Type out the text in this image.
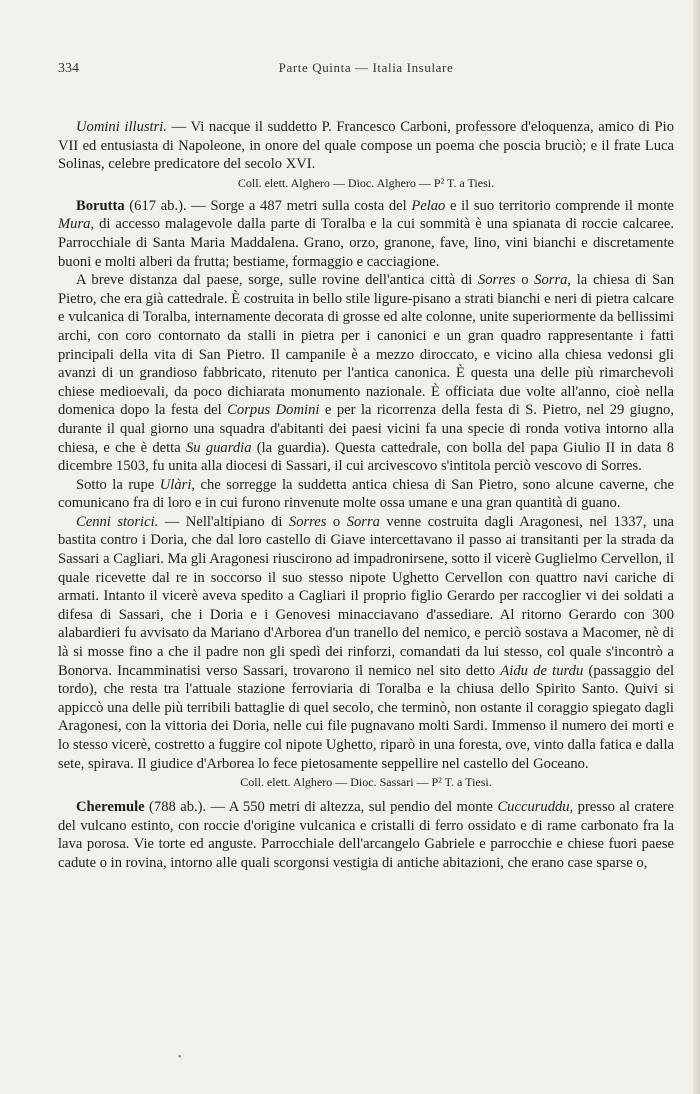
334	Parte Quinta — Italia Insulare

Uomini illustri. — Vi nacque il suddetto P. Francesco Carboni, professore d'eloquenza, amico di Pio VII ed entusiasta di Napoleone, in onore del quale compose un poema che poscia bruciò; e il frate Luca Solinas, celebre predicatore del secolo XVI.

Coll. elett. Alghero — Dioc. Alghero — P² T. a Tiesi.

Borutta (617 ab.). — Sorge a 487 metri sulla costa del Pelao e il suo territorio comprende il monte Mura, di accesso malagevole dalla parte di Toralba e la cui sommità è una spianata di roccie calcaree. Parrocchiale di Santa Maria Maddalena. Grano, orzo, granone, fave, lino, vini bianchi e discretamente buoni e molti alberi da frutta; bestiame, formaggio e cacciagione.

A breve distanza dal paese, sorge, sulle rovine dell'antica città di Sorres o Sorra, la chiesa di San Pietro, che era già cattedrale. È costruita in bello stile ligure-pisano a strati bianchi e neri di pietra calcare e vulcanica di Toralba, internamente decorata di grosse ed alte colonne, unite superiormente da bellissimi archi, con coro contornato da stalli in pietra per i canonici e un gran quadro rappresentante i fatti principali della vita di San Pietro. Il campanile è a mezzo diroccato, e vicino alla chiesa vedonsi gli avanzi di un grandioso fabbricato, ritenuto per l'antica canonica. È questa una delle più rimarchevoli chiese medioevali, da poco dichiarata monumento nazionale. È officiata due volte all'anno, cioè nella domenica dopo la festa del Corpus Domini e per la ricorrenza della festa di S. Pietro, nel 29 giugno, durante il qual giorno una squadra d'abitanti dei paesi vicini fa una specie di ronda votiva intorno alla chiesa, e che è detta Su guardia (la guardia). Questa cattedrale, con bolla del papa Giulio II in data 8 dicembre 1503, fu unita alla diocesi di Sassari, il cui arcivescovo s'intitola perciò vescovo di Sorres.

Sotto la rupe Ulàri, che sorregge la suddetta antica chiesa di San Pietro, sono alcune caverne, che comunicano fra di loro e in cui furono rinvenute molte ossa umane e una gran quantità di guano.

Cenni storici. — Nell'altipiano di Sorres o Sorra venne costruita dagli Aragonesi, nel 1337, una bastita contro i Doria, che dal loro castello di Giave intercettavano il passo ai transitanti per la strada da Sassari a Cagliari. Ma gli Aragonesi riuscirono ad impadronirsene, sotto il vicerè Guglielmo Cervellon, il quale ricevette dal re in soccorso il suo stesso nipote Ughetto Cervellon con quattro navi cariche di armati. Intanto il vicerè aveva spedito a Cagliari il proprio figlio Gerardo per raccoglier vi dei soldati a difesa di Sassari, che i Doria e i Genovesi minacciavano d'assediare. Al ritorno Gerardo con 300 alabardieri fu avvisato da Mariano d'Arborea d'un tranello del nemico, e perciò sostava a Macomer, nè di là si mosse fino a che il padre non gli spedì dei rinforzi, comandati da lui stesso, col quale s'incontrò a Bonorva. Incamminatisi verso Sassari, trovarono il nemico nel sito detto Aidu de turdu (passaggio del tordo), che resta tra l'attuale stazione ferroviaria di Toralba e la chiusa dello Spirito Santo. Quivi si appiccò una delle più terribili battaglie di quel secolo, che terminò, non ostante il coraggio spiegato dagli Aragonesi, con la vittoria dei Doria, nelle cui file pugnavano molti Sardi. Immenso il numero dei morti e lo stesso vicerè, costretto a fuggire col nipote Ughetto, riparò in una foresta, ove, vinto dalla fatica e dalla sete, spirava. Il giudice d'Arborea lo fece pietosamente seppellire nel castello del Goceano.

Coll. elett. Alghero — Dioc. Sassari — P² T. a Tiesi.

Cheremule (788 ab.). — A 550 metri di altezza, sul pendio del monte Cuccuruddu, presso al cratere del vulcano estinto, con roccie d'origine vulcanica e cristalli di ferro ossidato e di rame carbonato fra la lava porosa. Vie torte ed anguste. Parrocchiale dell'arcangelo Gabriele e parrocchie e chiese fuori paese cadute o in rovina, intorno alle quali scorgonsi vestigia di antiche abitazioni, che erano case sparse o,

•
